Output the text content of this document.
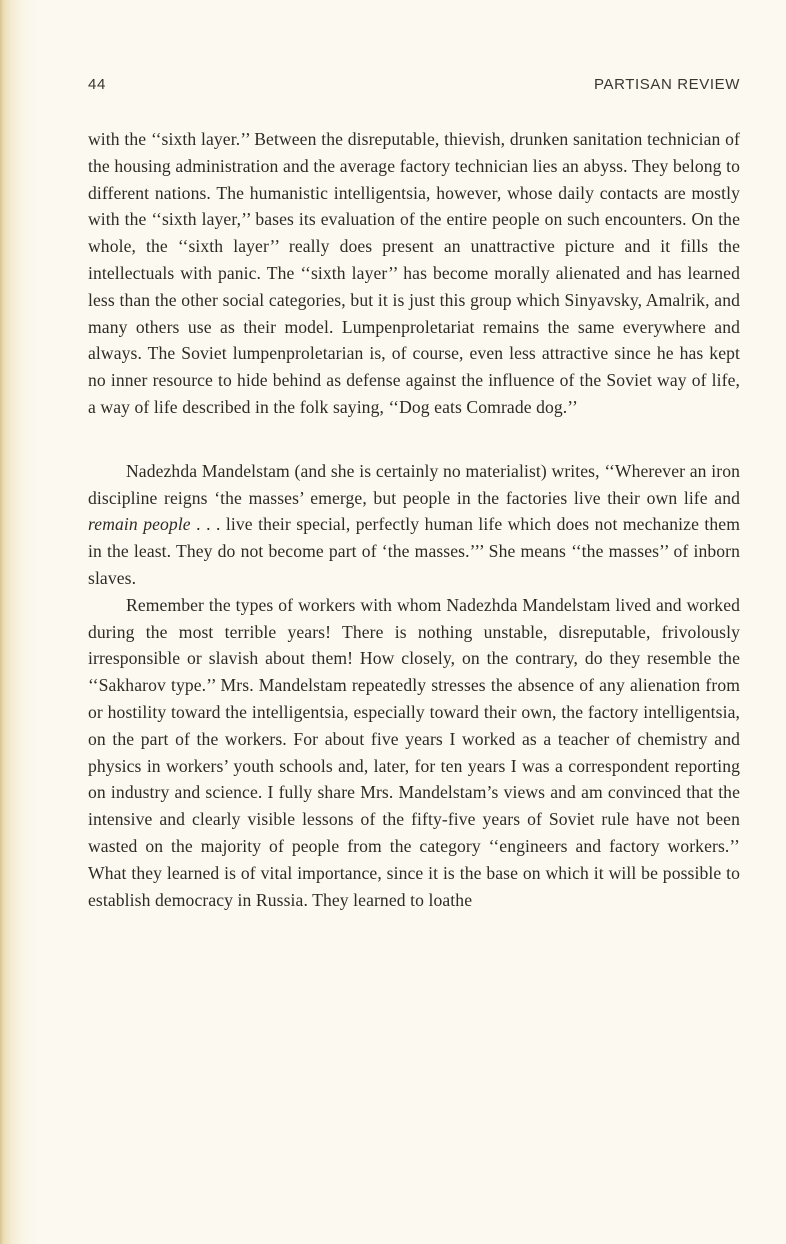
44	PARTISAN REVIEW

with the ‘‘sixth layer.’’ Between the disreputable, thievish, drunken sanitation technician of the housing administration and the average factory technician lies an abyss. They belong to different nations. The humanistic intelligentsia, however, whose daily contacts are mostly with the ‘‘sixth layer,’’ bases its evaluation of the entire people on such encounters. On the whole, the ‘‘sixth layer’’ really does present an unattractive picture and it fills the intellectuals with panic. The ‘‘sixth layer’’ has become morally alienated and has learned less than the other social categories, but it is just this group which Sinyavsky, Amalrik, and many others use as their model. Lumpenproletariat remains the same everywhere and always. The Soviet lumpenproletarian is, of course, even less attractive since he has kept no inner resource to hide behind as defense against the influence of the Soviet way of life, a way of life described in the folk saying, ‘‘Dog eats Comrade dog.’’

Nadezhda Mandelstam (and she is certainly no materialist) writes, ‘‘Wherever an iron discipline reigns ‘the masses’ emerge, but people in the factories live their own life and remain people . . . live their special, perfectly human life which does not mechanize them in the least. They do not become part of ‘the masses.’’’ She means ‘‘the masses’’ of inborn slaves.

Remember the types of workers with whom Nadezhda Mandelstam lived and worked during the most terrible years! There is nothing unstable, disreputable, frivolously irresponsible or slavish about them! How closely, on the contrary, do they resemble the ‘‘Sakharov type.’’ Mrs. Mandelstam repeatedly stresses the absence of any alienation from or hostility toward the intelligentsia, especially toward their own, the factory intelligentsia, on the part of the workers. For about five years I worked as a teacher of chemistry and physics in workers’ youth schools and, later, for ten years I was a correspondent reporting on industry and science. I fully share Mrs. Mandelstam’s views and am convinced that the intensive and clearly visible lessons of the fifty-five years of Soviet rule have not been wasted on the majority of people from the category ‘‘engineers and factory workers.’’ What they learned is of vital importance, since it is the base on which it will be possible to establish democracy in Russia. They learned to loathe
